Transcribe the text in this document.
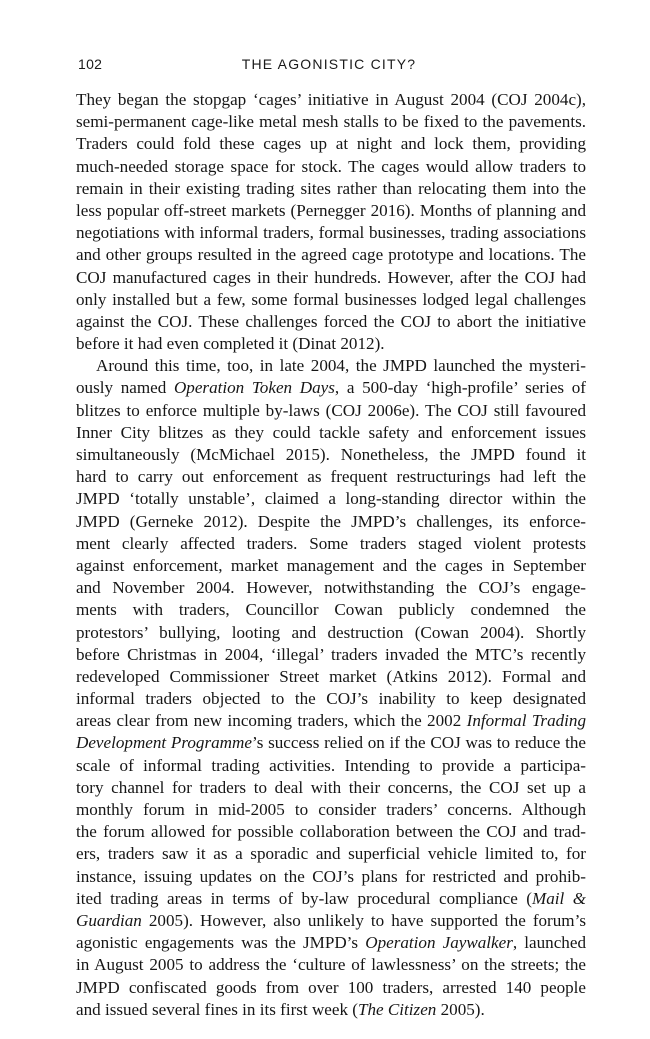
102	THE AGONISTIC CITY?
They began the stopgap ‘cages’ initiative in August 2004 (COJ 2004c),
semi-permanent cage-like metal mesh stalls to be fixed to the pavements.
Traders could fold these cages up at night and lock them, providing
much-needed storage space for stock. The cages would allow traders to
remain in their existing trading sites rather than relocating them into the
less popular off-street markets (Pernegger 2016). Months of planning and
negotiations with informal traders, formal businesses, trading associations
and other groups resulted in the agreed cage prototype and locations. The
COJ manufactured cages in their hundreds. However, after the COJ had
only installed but a few, some formal businesses lodged legal challenges
against the COJ. These challenges forced the COJ to abort the initiative
before it had even completed it (Dinat 2012).
Around this time, too, in late 2004, the JMPD launched the mysteri-
ously named Operation Token Days, a 500-day ‘high-profile’ series of
blitzes to enforce multiple by-laws (COJ 2006e). The COJ still favoured
Inner City blitzes as they could tackle safety and enforcement issues
simultaneously (McMichael 2015). Nonetheless, the JMPD found it
hard to carry out enforcement as frequent restructurings had left the
JMPD ‘totally unstable’, claimed a long-standing director within the
JMPD (Gerneke 2012). Despite the JMPD’s challenges, its enforce-
ment clearly affected traders. Some traders staged violent protests
against enforcement, market management and the cages in September
and November 2004. However, notwithstanding the COJ’s engage-
ments with traders, Councillor Cowan publicly condemned the
protestors’ bullying, looting and destruction (Cowan 2004). Shortly
before Christmas in 2004, ‘illegal’ traders invaded the MTC’s recently
redeveloped Commissioner Street market (Atkins 2012). Formal and
informal traders objected to the COJ’s inability to keep designated
areas clear from new incoming traders, which the 2002 Informal Trading
Development Programme’s success relied on if the COJ was to reduce the
scale of informal trading activities. Intending to provide a participa-
tory channel for traders to deal with their concerns, the COJ set up a
monthly forum in mid-2005 to consider traders’ concerns. Although
the forum allowed for possible collaboration between the COJ and trad-
ers, traders saw it as a sporadic and superficial vehicle limited to, for
instance, issuing updates on the COJ’s plans for restricted and prohib-
ited trading areas in terms of by-law procedural compliance (Mail &
Guardian 2005). However, also unlikely to have supported the forum’s
agonistic engagements was the JMPD’s Operation Jaywalker, launched
in August 2005 to address the ‘culture of lawlessness’ on the streets; the
JMPD confiscated goods from over 100 traders, arrested 140 people
and issued several fines in its first week (The Citizen 2005).
